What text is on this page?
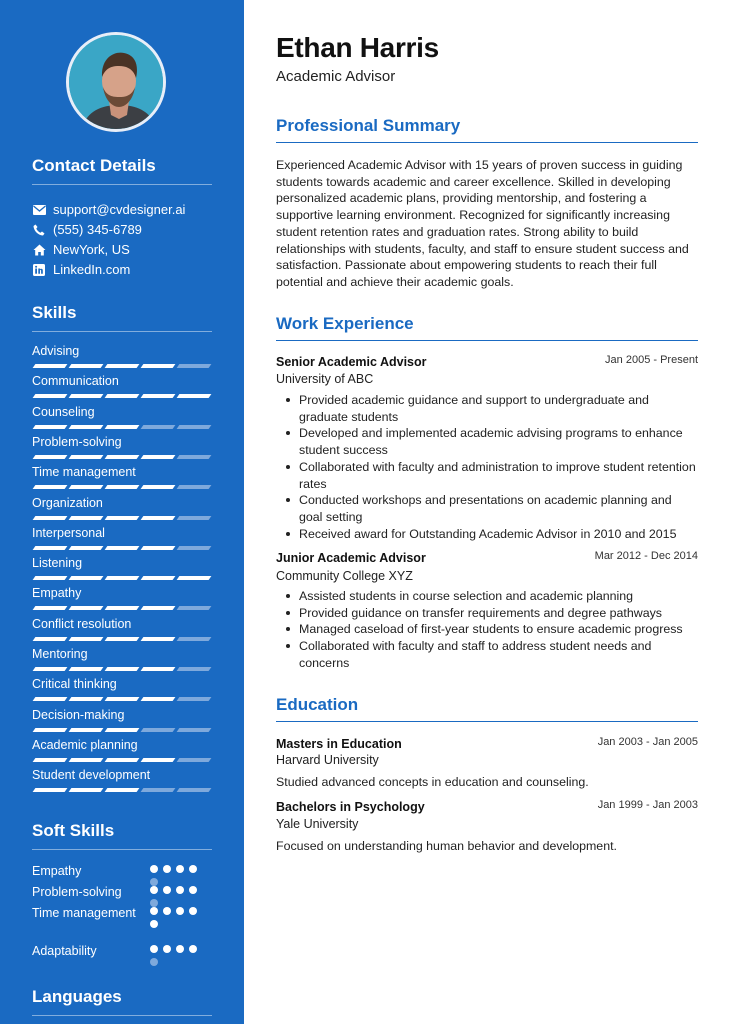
Contact Details
support@cvdesigner.ai
(555) 345-6789
NewYork, US
LinkedIn.com
Skills
Advising
Communication
Counseling
Problem-solving
Time management
Organization
Interpersonal
Listening
Empathy
Conflict resolution
Mentoring
Critical thinking
Decision-making
Academic planning
Student development
Soft Skills
Empathy
Problem-solving
Time management
Adaptability
Languages
Ethan Harris
Academic Advisor
Professional Summary
Experienced Academic Advisor with 15 years of proven success in guiding students towards academic and career excellence. Skilled in developing personalized academic plans, providing mentorship, and fostering a supportive learning environment. Recognized for significantly increasing student retention rates and graduation rates. Strong ability to build relationships with students, faculty, and staff to ensure student success and satisfaction. Passionate about empowering students to reach their full potential and achieve their academic goals.
Work Experience
Senior Academic Advisor	Jan 2005 - Present
University of ABC
Provided academic guidance and support to undergraduate and graduate students
Developed and implemented academic advising programs to enhance student success
Collaborated with faculty and administration to improve student retention rates
Conducted workshops and presentations on academic planning and goal setting
Received award for Outstanding Academic Advisor in 2010 and 2015
Junior Academic Advisor	Mar 2012 - Dec 2014
Community College XYZ
Assisted students in course selection and academic planning
Provided guidance on transfer requirements and degree pathways
Managed caseload of first-year students to ensure academic progress
Collaborated with faculty and staff to address student needs and concerns
Education
Masters in Education	Jan 2003 - Jan 2005
Harvard University
Studied advanced concepts in education and counseling.
Bachelors in Psychology	Jan 1999 - Jan 2003
Yale University
Focused on understanding human behavior and development.
